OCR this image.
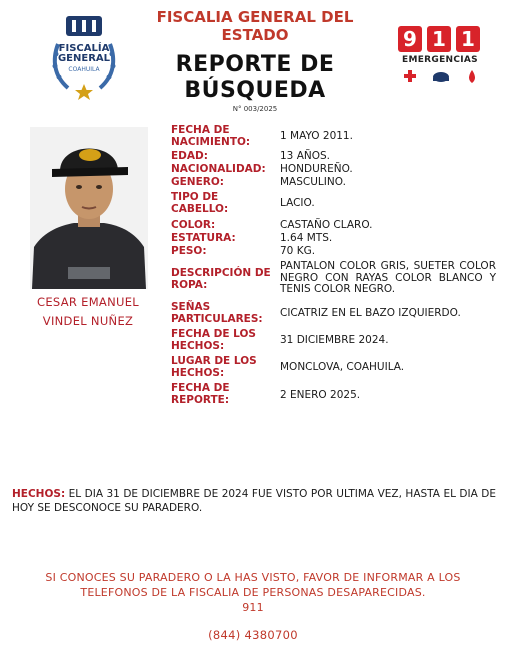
FISCALÍA
GENERAL
COAHUILA
FISCALIA GENERAL DEL
ESTADO
REPORTE DE
BÚSQUEDA
N° 003/2025
9 1 1
EMERGENCIAS
CESAR EMANUEL
VINDEL NUÑEZ
FECHA DE NACIMIENTO:	1 MAYO 2011.
EDAD:	13 AÑOS.
NACIONALIDAD:	HONDUREÑO.
GENERO:	MASCULINO.
TIPO DE CABELLO:	LACIO.
COLOR:	CASTAÑO CLARO.
ESTATURA:	1.64 MTS.
PESO:	70 KG.
DESCRIPCIÓN DE ROPA:
PANTALON COLOR GRIS, SUETER COLOR NEGRO CON RAYAS COLOR BLANCO Y TENIS COLOR NEGRO.
SEÑAS PARTICULARES:	CICATRIZ EN EL BAZO IZQUIERDO.
FECHA DE LOS HECHOS:	31 DICIEMBRE 2024.
LUGAR DE LOS HECHOS:	MONCLOVA, COAHUILA.
FECHA DE REPORTE:	2 ENERO 2025.
HECHOS: EL DIA 31 DE DICIEMBRE DE 2024 FUE VISTO POR ULTIMA VEZ, HASTA EL DIA DE HOY SE DESCONOCE SU PARADERO.
SI CONOCES SU PARADERO O LA HAS VISTO, FAVOR DE INFORMAR A LOS TELEFONOS DE LA FISCALIA DE PERSONAS DESAPARECIDAS.
911
(844) 4380700
